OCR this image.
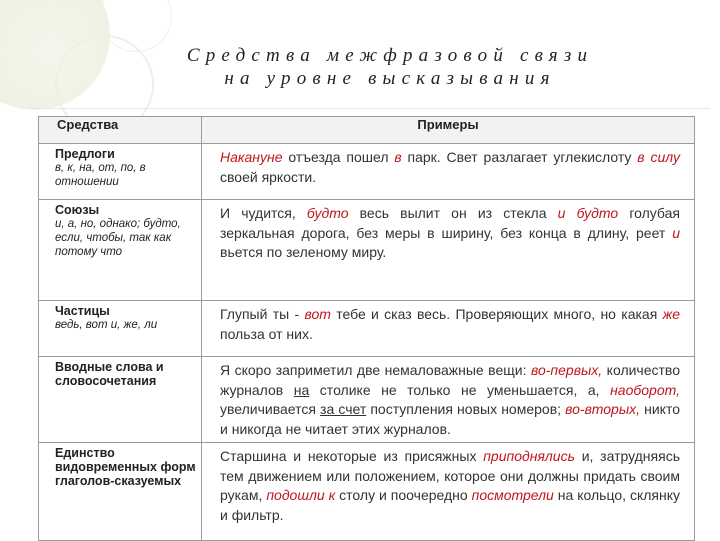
Средства межфразовой связи
на уровне высказывания
Средства	Примеры

Предлоги
в, к, на, от, по, в отношении	Накануне отъезда пошел в парк. Свет разлагает углекислоту в силу своей яркости.

Союзы
и, а, но, однако; будто, если, чтобы, так как потому что	И чудится, будто весь вылит он из стекла и будто голубая зеркальная дорога, без меры в ширину, без конца в длину, реет и вьется по зеленому миру.

Частицы
ведь, вот и, же, ли	Глупый ты - вот тебе и сказ весь. Проверяющих много, но какая же польза от них.

Вводные слова и словосочетания	Я скоро заприметил две немаловажные вещи: во-первых, количество журналов на столике не только не уменьшается, а, наоборот, увеличивается за счет поступления новых номеров; во-вторых, никто и никогда не читает этих журналов.

Единство видовременных форм глаголов-сказуемых	Старшина и некоторые из присяжных приподнялись и, затрудняясь тем движением или положением, которое они должны придать своим рукам, подошли к столу и поочередно посмотрели на кольцо, склянку и фильтр.
